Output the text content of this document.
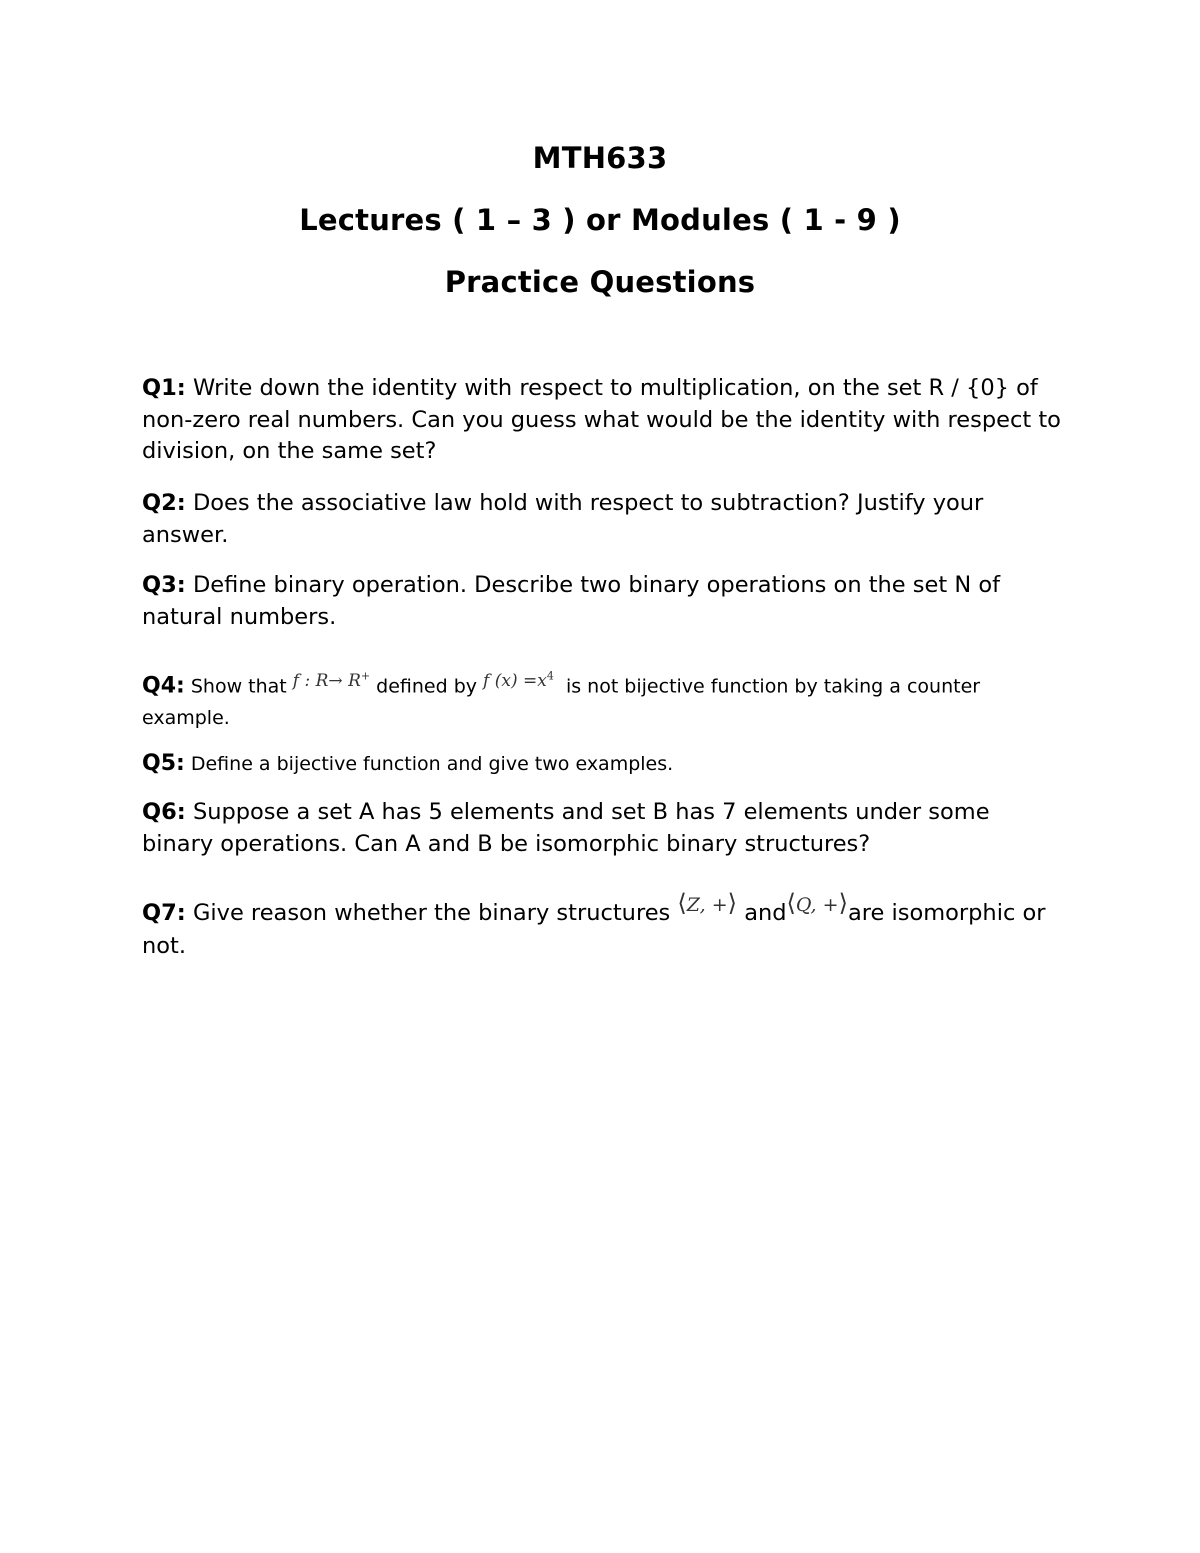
MTH633
Lectures ( 1 – 3 ) or Modules ( 1 - 9 )
Practice Questions
Q1: Write down the identity with respect to multiplication, on the set R / {0} of non-zero real numbers. Can you guess what would be the identity with respect to division, on the same set?
Q2: Does the associative law hold with respect to subtraction? Justify your answer.
Q3: Define binary operation. Describe two binary operations on the set N of natural numbers.
Q4: Show that f : R→ R+ defined by f $(x) =x^4$  is not bijective function by taking a counter example.
Q5: Define a bijective function and give two examples.
Q6: Suppose a set A has 5 elements and set B has 7 elements under some binary operations. Can A and B be isomorphic binary structures?
Q7: Give reason whether the binary structures $^{⟨Z, +⟩}$ and$^{⟨Q, +⟩}$are isomorphic or not.
